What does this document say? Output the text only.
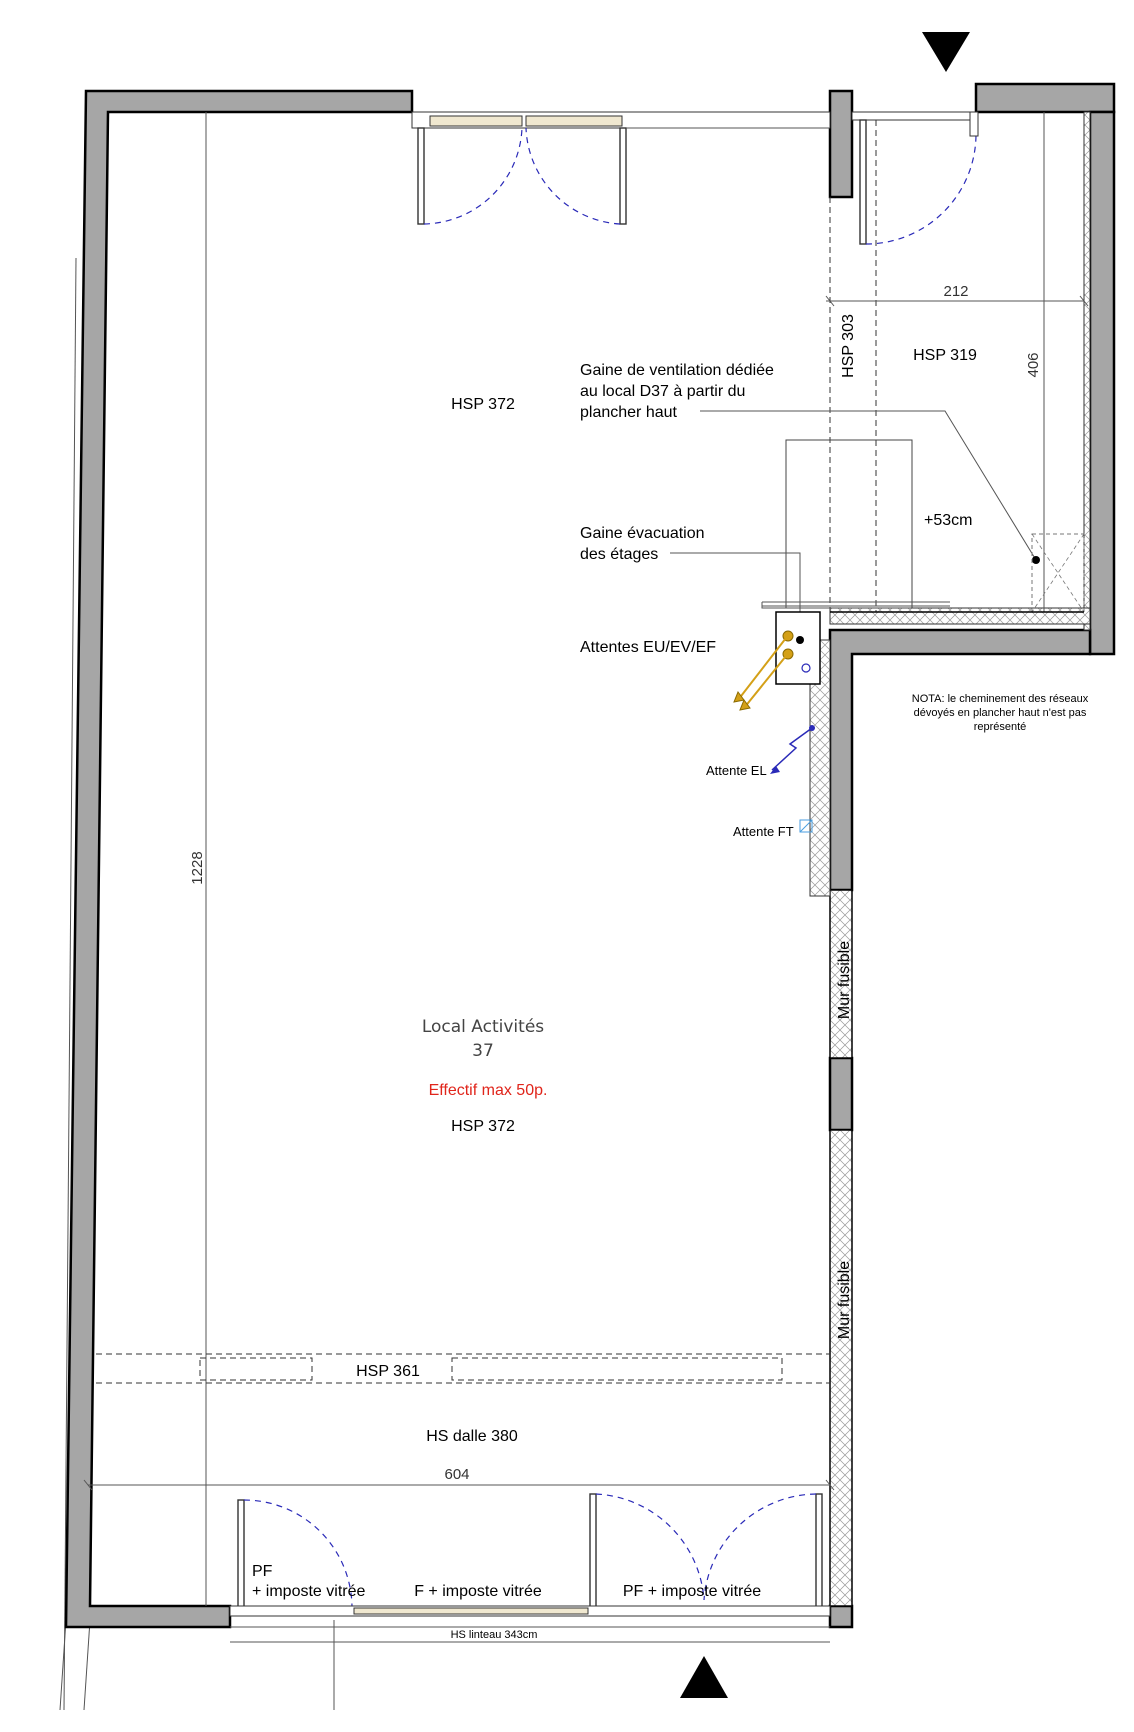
212
406
HSP 303	HSP 319
HSP 372
Gaine de ventilation dédiée
au local D37 à partir du
plancher haut
+53cm
Gaine évacuation
des étages
Attentes EU/EV/EF
NOTA: le cheminement des réseaux
dévoyés en plancher haut n'est pas
représenté
Attente EL
Attente FT
1228
Local Activités
37
Effectif max 50p.
HSP 372
Mur fusible
Mur fusible
HSP 361
HS dalle 380
604
PF
+ imposte vitrée	F + imposte vitrée	PF + imposte vitrée
HS linteau 343cm
